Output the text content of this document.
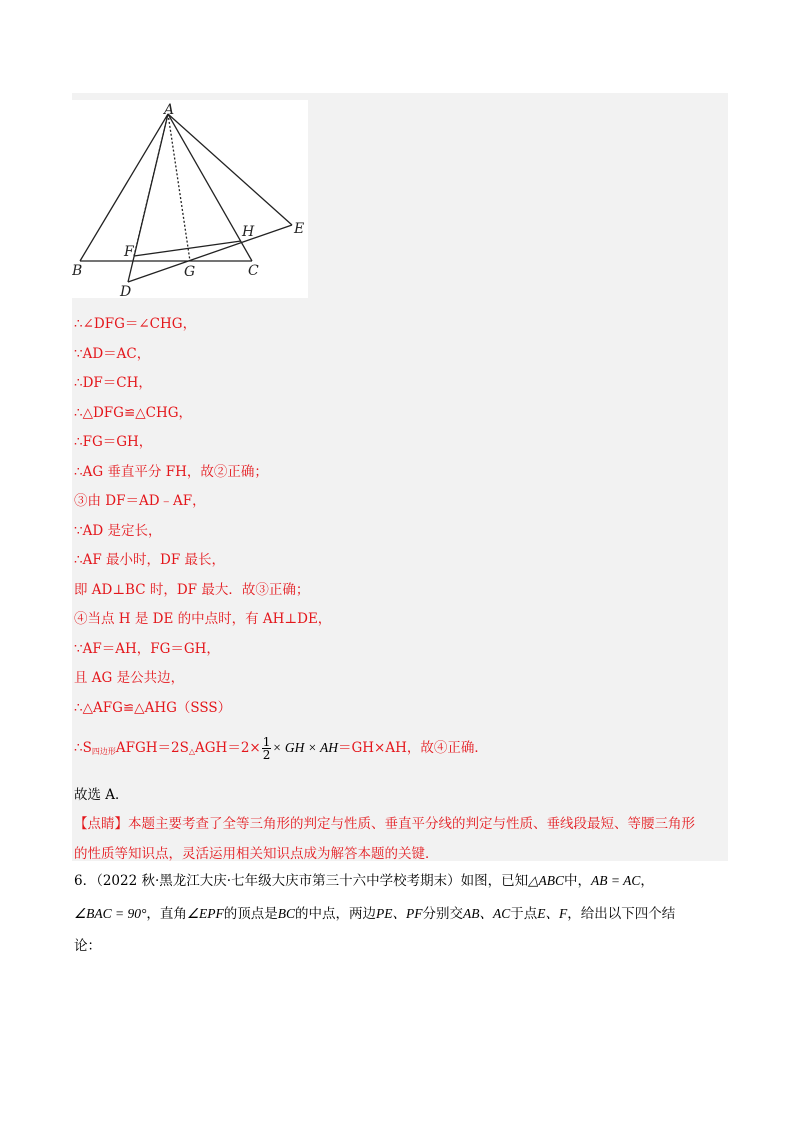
A
B	C
D
E
F
G
H
∴∠DFG＝∠CHG，
∵AD＝AC，
∴DF＝CH，
∴△DFG≌△CHG，
∴FG＝GH，
∴AG 垂直平分 FH，故②正确；
③由 DF＝AD﹣AF，
∵AD 是定长，
∴AF 最小时，DF 最长，
即 AD⊥BC 时，DF 最大．故③正确；
④当点 H 是 DE 的中点时，有 AH⊥DE，
∵AF＝AH，FG＝GH，
且 AG 是公共边，
∴△AFG≌△AHG（SSS）
$\therefore S_{四边形}AFGH=2S_\triangle AGH=2\times \frac{1}{2}$ × GH × AH＝GH×AH，故④正确．
故选 A．
【点睛】本题主要考查了全等三角形的判定与性质、垂直平分线的判定与性质、垂线段最短、等腰三角形
的性质等知识点，灵活运用相关知识点成为解答本题的关键．
6．（2022 秋·黑龙江大庆·七年级大庆市第三十六中学校考期末）如图，已知△ABC中，AB = AC，
∠BAC = 90°，直角∠EPF的顶点是BC的中点，两边PE、PF分别交AB、AC于点E、F，给出以下四个结
论：
